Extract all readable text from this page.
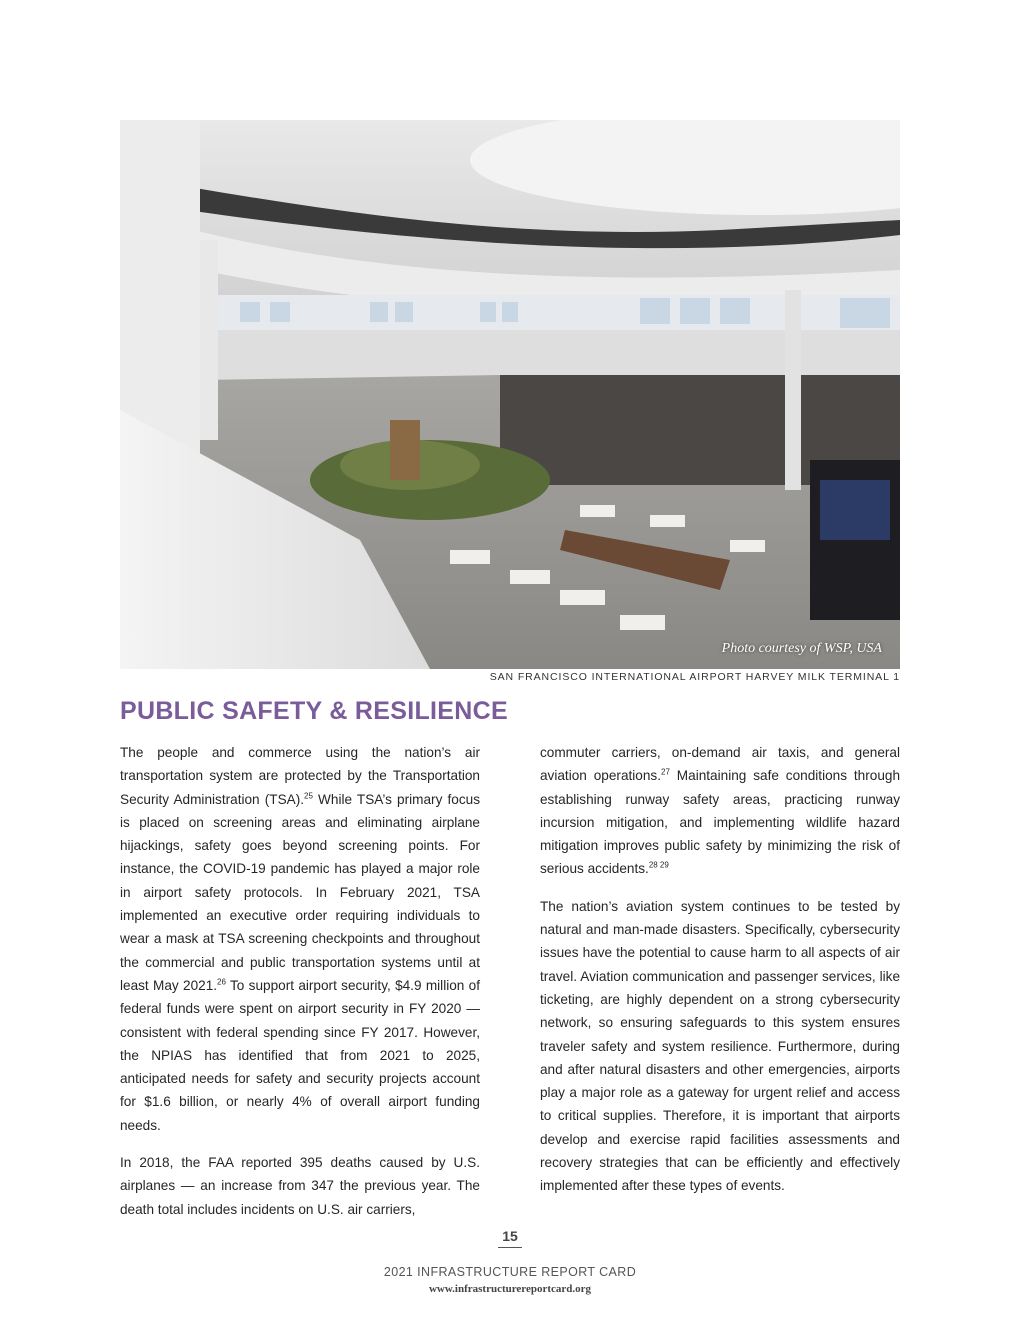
Photo courtesy of WSP, USA
SAN FRANCISCO INTERNATIONAL AIRPORT HARVEY MILK TERMINAL 1
PUBLIC SAFETY & RESILIENCE

The people and commerce using the nation’s air transportation system are protected by the Transportation Security Administration (TSA).$^{25}$ While TSA’s primary focus is placed on screening areas and eliminating airplane hijackings, safety goes beyond screening points. For instance, the COVID-19 pandemic has played a major role in airport safety protocols. In February 2021, TSA implemented an executive order requiring individuals to wear a mask at TSA screening checkpoints and throughout the commercial and public transportation systems until at least May 2021.26 To support airport security, $4.9 million of federal funds were spent on airport security in FY 2020 — consistent with federal spending since FY 2017. However, the NPIAS has identified that from 2021 to 2025, anticipated needs for safety and security projects account for $1.6 billion, or nearly 4% of overall airport funding needs.

In 2018, the FAA reported 395 deaths caused by U.S. airplanes — an increase from 347 the previous year. The death total includes incidents on U.S. air carriers,

commuter carriers, on-demand air taxis, and general aviation operations.$^{27}$ Maintaining safe conditions through establishing runway safety areas, practicing runway incursion mitigation, and implementing wildlife hazard mitigation improves public safety by minimizing the risk of serious accidents.$^{28 29}$

The nation’s aviation system continues to be tested by natural and man-made disasters. Specifically, cybersecurity issues have the potential to cause harm to all aspects of air travel. Aviation communication and passenger services, like ticketing, are highly dependent on a strong cybersecurity network, so ensuring safeguards to this system ensures traveler safety and system resilience. Furthermore, during and after natural disasters and other emergencies, airports play a major role as a gateway for urgent relief and access to critical supplies. Therefore, it is important that airports develop and exercise rapid facilities assessments and recovery strategies that can be efficiently and effectively implemented after these types of events.

15
2021 INFRASTRUCTURE REPORT CARD
www.infrastructurereportcard.org
